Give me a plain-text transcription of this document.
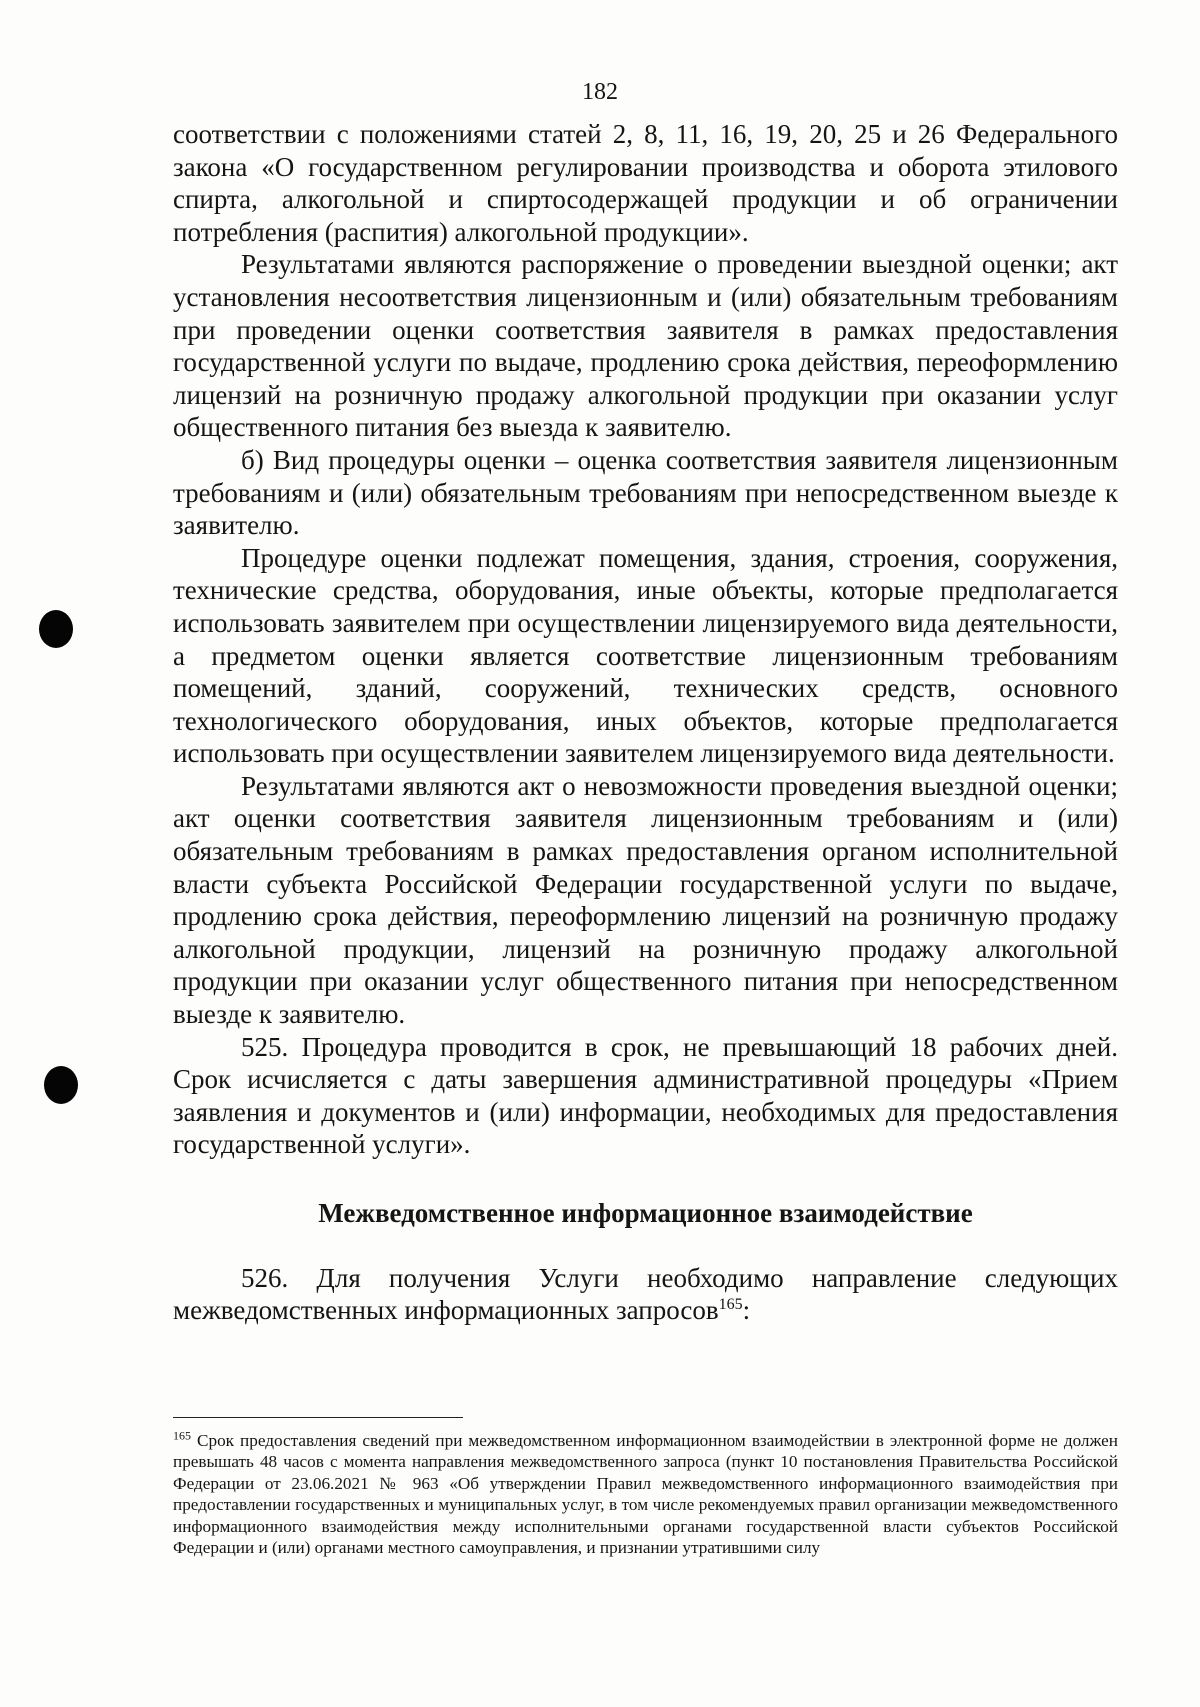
182

соответствии с положениями статей 2, 8, 11, 16, 19, 20, 25 и 26 Федерального закона «О государственном регулировании производства и оборота этилового спирта, алкогольной и спиртосодержащей продукции и об ограничении потребления (распития) алкогольной продукции».

Результатами являются распоряжение о проведении выездной оценки; акт установления несоответствия лицензионным и (или) обязательным требованиям при проведении оценки соответствия заявителя в рамках предоставления государственной услуги по выдаче, продлению срока действия, переоформлению лицензий на розничную продажу алкогольной продукции при оказании услуг общественного питания без выезда к заявителю.

б) Вид процедуры оценки – оценка соответствия заявителя лицензионным требованиям и (или) обязательным требованиям при непосредственном выезде к заявителю.

Процедуре оценки подлежат помещения, здания, строения, сооружения, технические средства, оборудования, иные объекты, которые предполагается использовать заявителем при осуществлении лицензируемого вида деятельности, а предметом оценки является соответствие лицензионным требованиям помещений, зданий, сооружений, технических средств, основного технологического оборудования, иных объектов, которые предполагается использовать при осуществлении заявителем лицензируемого вида деятельности.

Результатами являются акт о невозможности проведения выездной оценки; акт оценки соответствия заявителя лицензионным требованиям и (или) обязательным требованиям в рамках предоставления органом исполнительной власти субъекта Российской Федерации государственной услуги по выдаче, продлению срока действия, переоформлению лицензий на розничную продажу алкогольной продукции, лицензий на розничную продажу алкогольной продукции при оказании услуг общественного питания при непосредственном выезде к заявителю.

525. Процедура проводится в срок, не превышающий 18 рабочих дней. Срок исчисляется с даты завершения административной процедуры «Прием заявления и документов и (или) информации, необходимых для предоставления государственной услуги».

Межведомственное информационное взаимодействие

526. Для получения Услуги необходимо направление следующих межведомственных информационных запросов$^{165}$:

$^{165}$ Срок предоставления сведений при межведомственном информационном взаимодействии в электронной форме не должен превышать 48 часов с момента направления межведомственного запроса (пункт 10 постановления Правительства Российской Федерации от 23.06.2021 № 963 «Об утверждении Правил межведомственного информационного взаимодействия при предоставлении государственных и муниципальных услуг, в том числе рекомендуемых правил организации межведомственного информационного взаимодействия между исполнительными органами государственной власти субъектов Российской Федерации и (или) органами местного самоуправления, и признании утратившими силу
